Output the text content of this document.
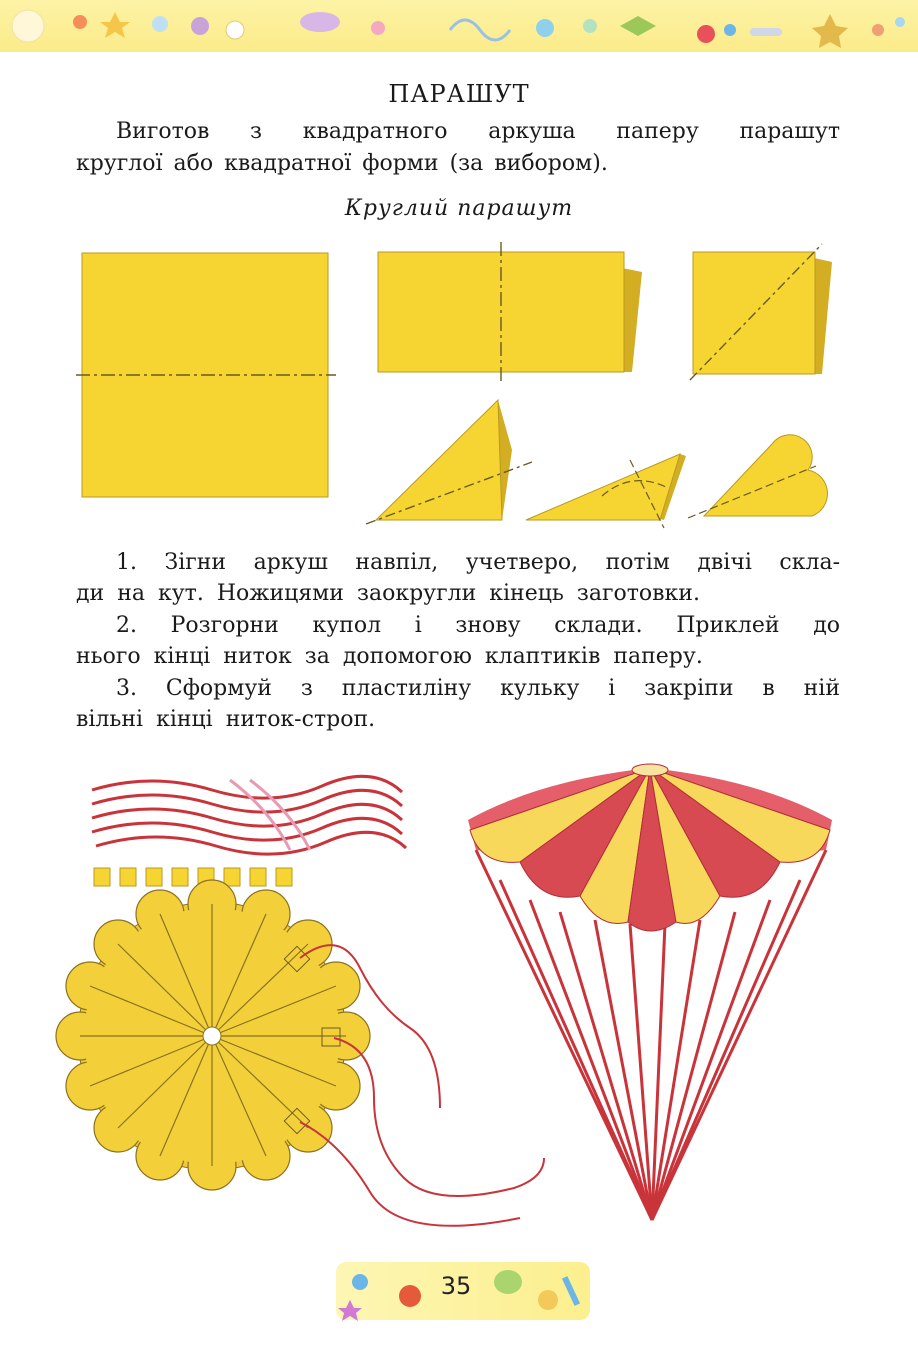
ПАРАШУТ
Виготов з квадратного аркуша паперу парашут
круглої або квадратної форми (за вибором).
Круглий парашут
1. Зігни аркуш навпіл, учетверо, потім двічі скла-
ди на кут. Ножицями заокругли кінець заготовки.
2. Розгорни купол і знову склади. Приклей до
нього кінці ниток за допомогою клаптиків паперу.
3. Сформуй з пластиліну кульку і закріпи в ній
вільні кінці ниток-строп.
35
